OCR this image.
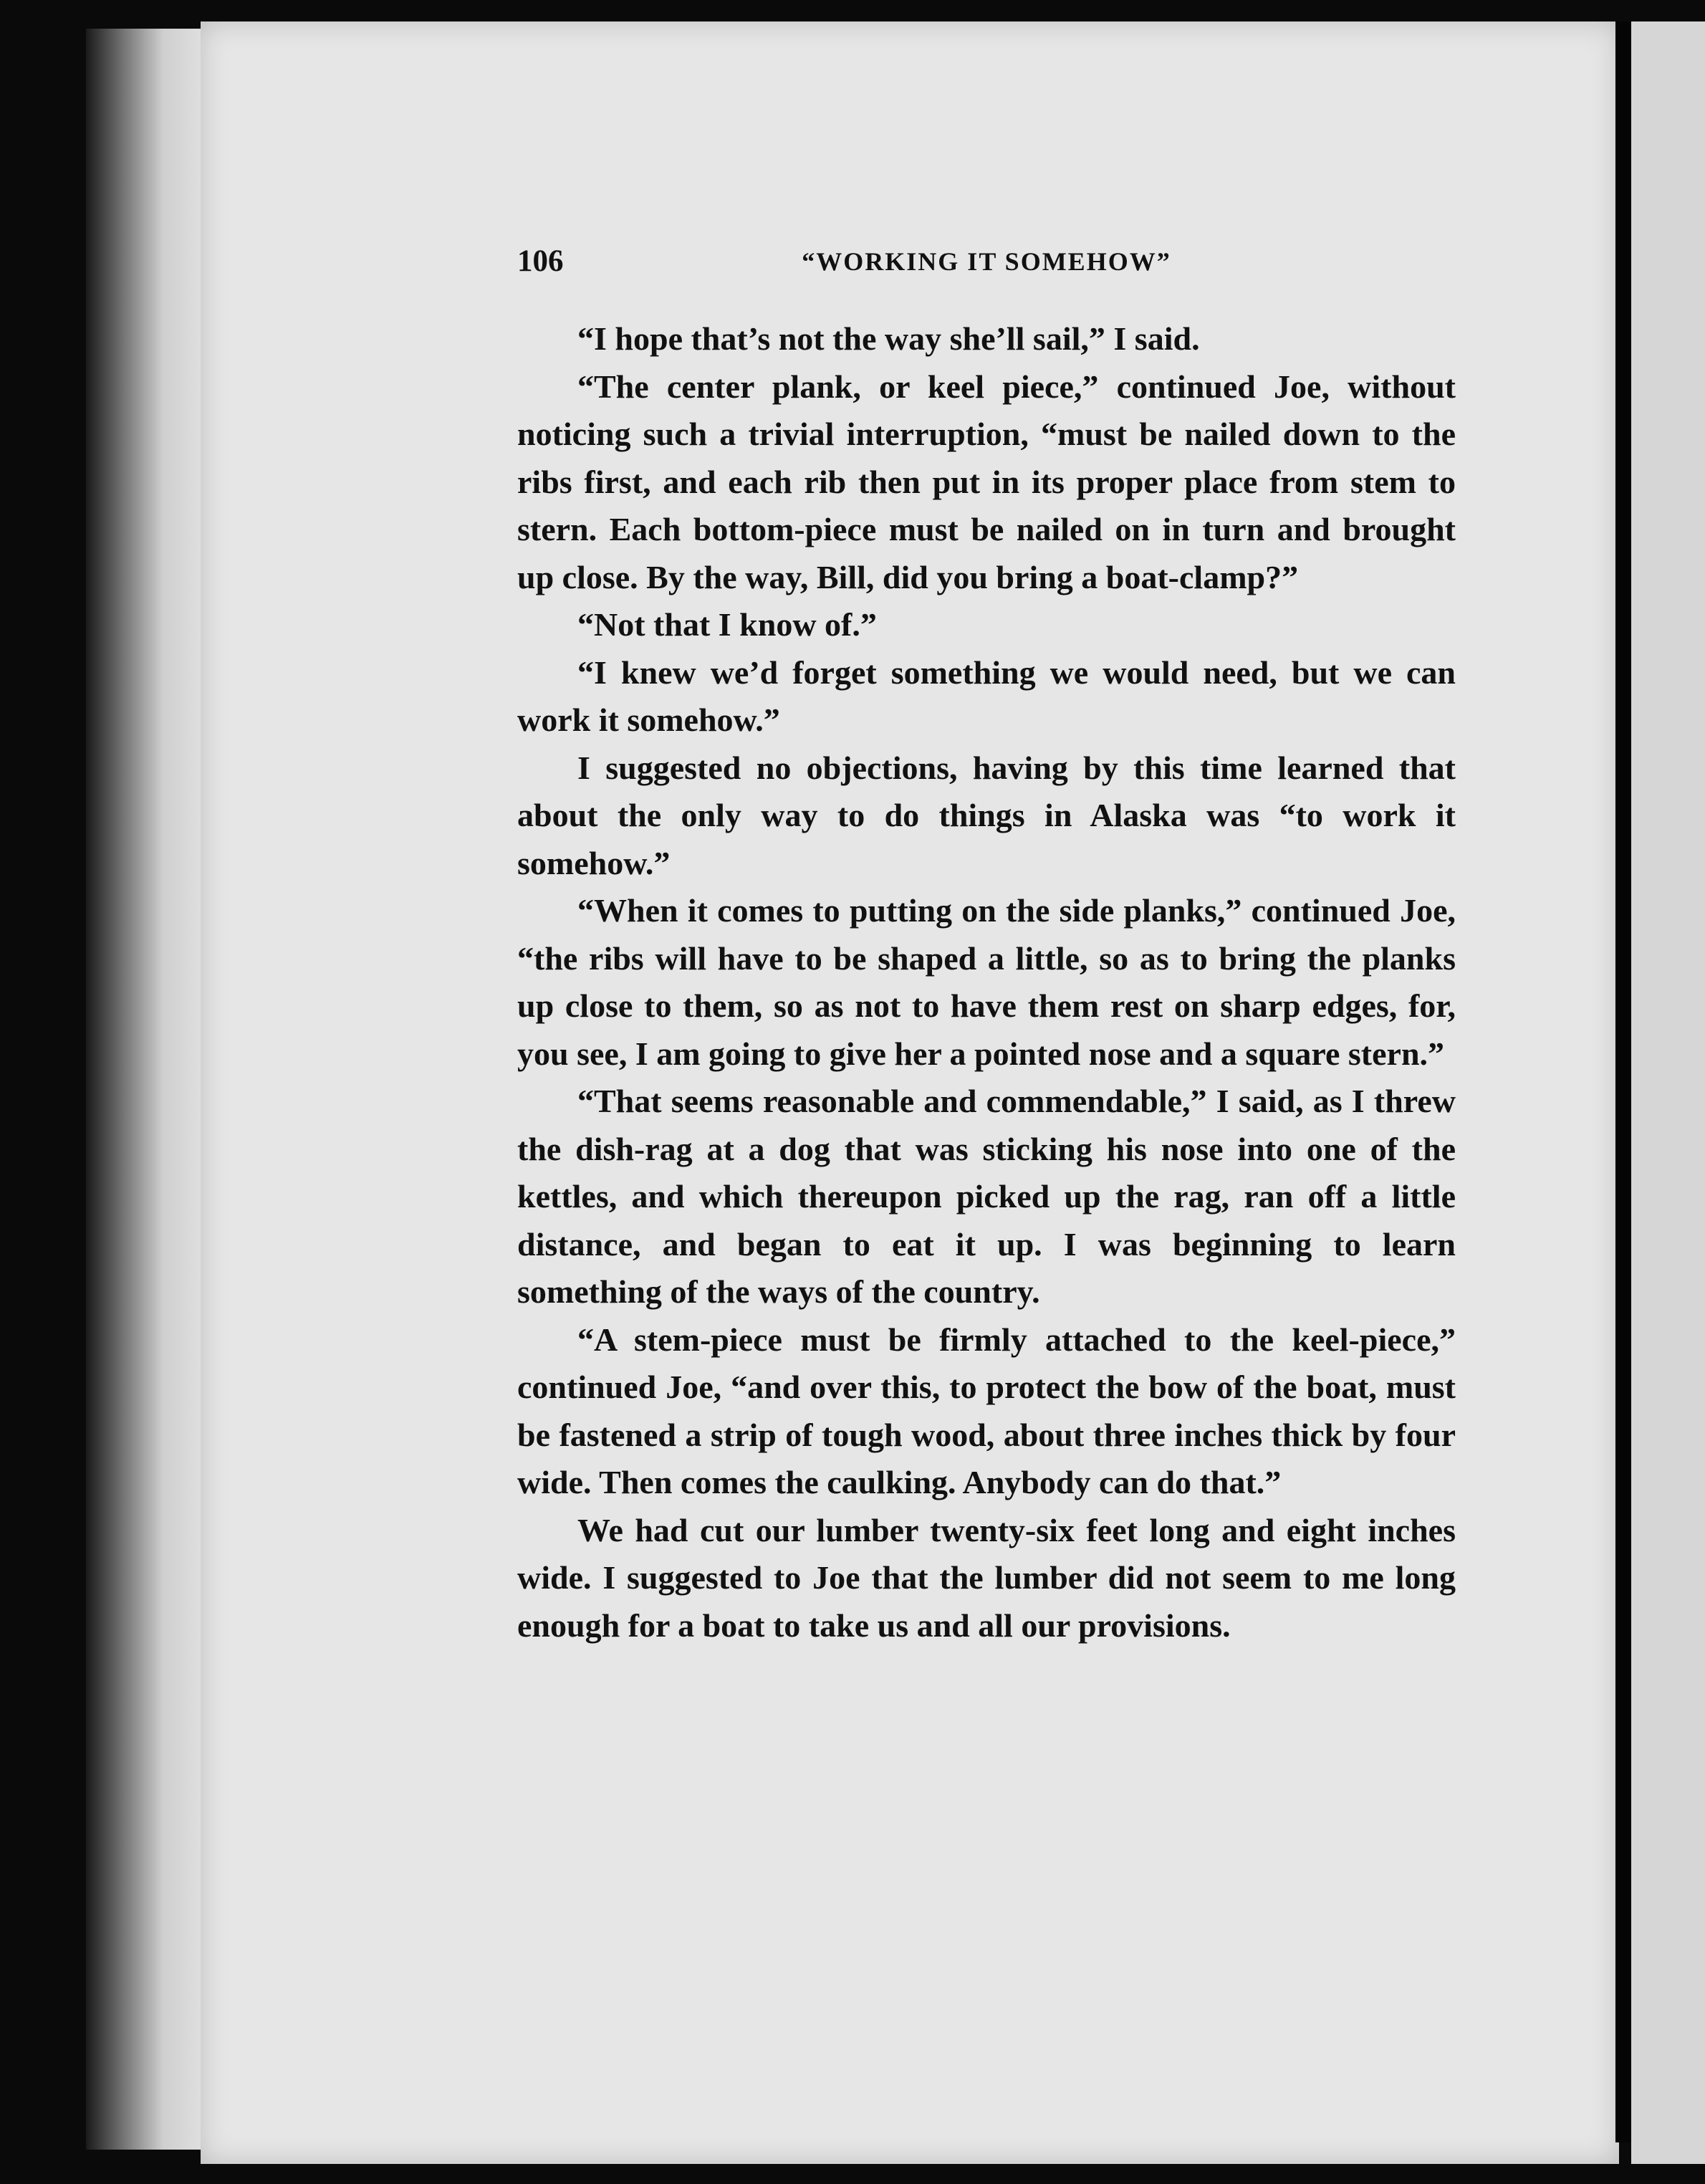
106	“WORKING IT SOMEHOW”

“I hope that’s not the way she’ll sail,” I said.

“The center plank, or keel piece,” continued Joe, without noticing such a trivial interruption, “must be nailed down to the ribs first, and each rib then put in its proper place from stem to stern. Each bottom-piece must be nailed on in turn and brought up close. By the way, Bill, did you bring a boat-clamp?”

“Not that I know of.”

“I knew we’d forget something we would need, but we can work it somehow.”

I suggested no objections, having by this time learned that about the only way to do things in Alaska was “to work it somehow.”

“When it comes to putting on the side planks,” continued Joe, “the ribs will have to be shaped a little, so as to bring the planks up close to them, so as not to have them rest on sharp edges, for, you see, I am going to give her a pointed nose and a square stern.”

“That seems reasonable and commendable,” I said, as I threw the dish-rag at a dog that was sticking his nose into one of the kettles, and which thereupon picked up the rag, ran off a little distance, and began to eat it up. I was beginning to learn something of the ways of the country.

“A stem-piece must be firmly attached to the keel-piece,” continued Joe, “and over this, to protect the bow of the boat, must be fastened a strip of tough wood, about three inches thick by four wide. Then comes the caulking. Anybody can do that.”

We had cut our lumber twenty-six feet long and eight inches wide. I suggested to Joe that the lumber did not seem to me long enough for a boat to take us and all our provisions.
